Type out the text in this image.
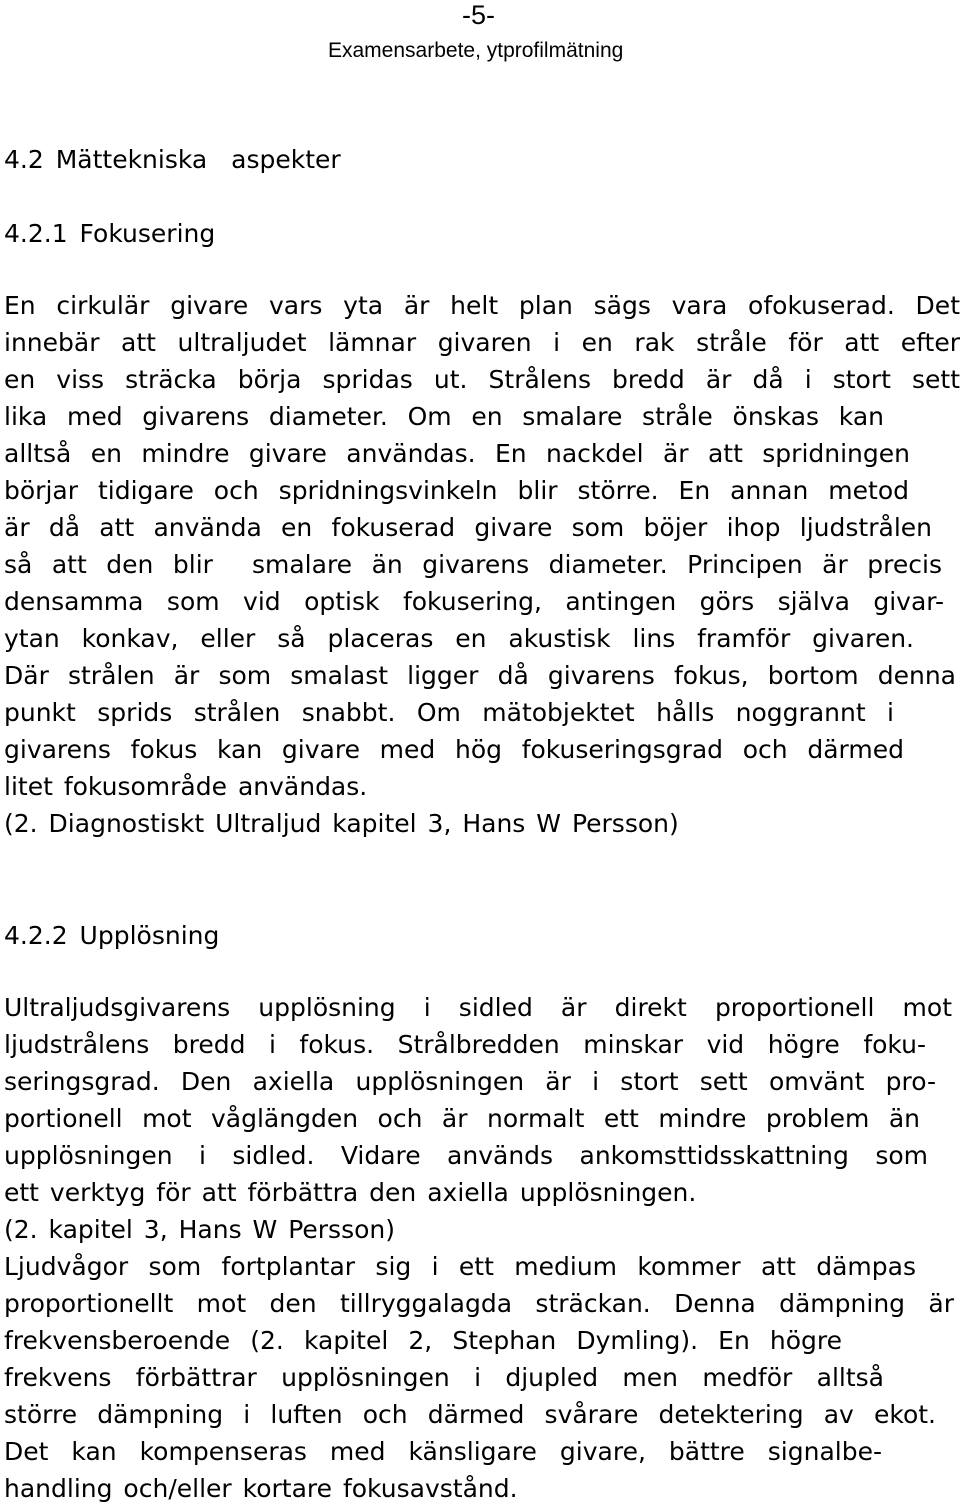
-5-
Examensarbete, ytprofilmätning
4.2 Mättekniska  aspekter
4.2.1 Fokusering
En cirkulär givare vars yta är helt plan sägs vara ofokuserad. Det
innebär att ultraljudet lämnar givaren i en rak stråle för att efter
en viss sträcka börja spridas ut. Strålens bredd är då i stort sett
lika med givarens diameter. Om en smalare stråle önskas kan
alltså en mindre givare användas. En nackdel är att spridningen
börjar tidigare och spridningsvinkeln blir större. En annan metod
är då att använda en fokuserad givare som böjer ihop ljudstrålen
så att den blir  smalare än givarens diameter. Principen är precis
densamma som vid optisk fokusering, antingen görs själva givar-
ytan konkav, eller så placeras en akustisk lins framför givaren.
Där strålen är som smalast ligger då givarens fokus, bortom denna
punkt sprids strålen snabbt. Om mätobjektet hålls noggrannt i
givarens fokus kan givare med hög fokuseringsgrad och därmed
litet fokusområde användas.
(2. Diagnostiskt Ultraljud kapitel 3, Hans W Persson)
4.2.2 Upplösning
Ultraljudsgivarens upplösning i sidled är direkt proportionell mot
ljudstrålens bredd i fokus. Strålbredden minskar vid högre foku-
seringsgrad. Den axiella upplösningen är i stort sett omvänt pro-
portionell mot våglängden och är normalt ett mindre problem än
upplösningen i sidled. Vidare används ankomsttidsskattning som
ett verktyg för att förbättra den axiella upplösningen.
(2. kapitel 3, Hans W Persson)
Ljudvågor som fortplantar sig i ett medium kommer att dämpas
proportionellt mot den tillryggalagda sträckan. Denna dämpning är
frekvensberoende (2. kapitel 2, Stephan Dymling). En högre
frekvens förbättrar upplösningen i djupled men medför alltså
större dämpning i luften och därmed svårare detektering av ekot.
Det kan kompenseras med känsligare givare, bättre signalbe-
handling och/eller kortare fokusavstånd.
